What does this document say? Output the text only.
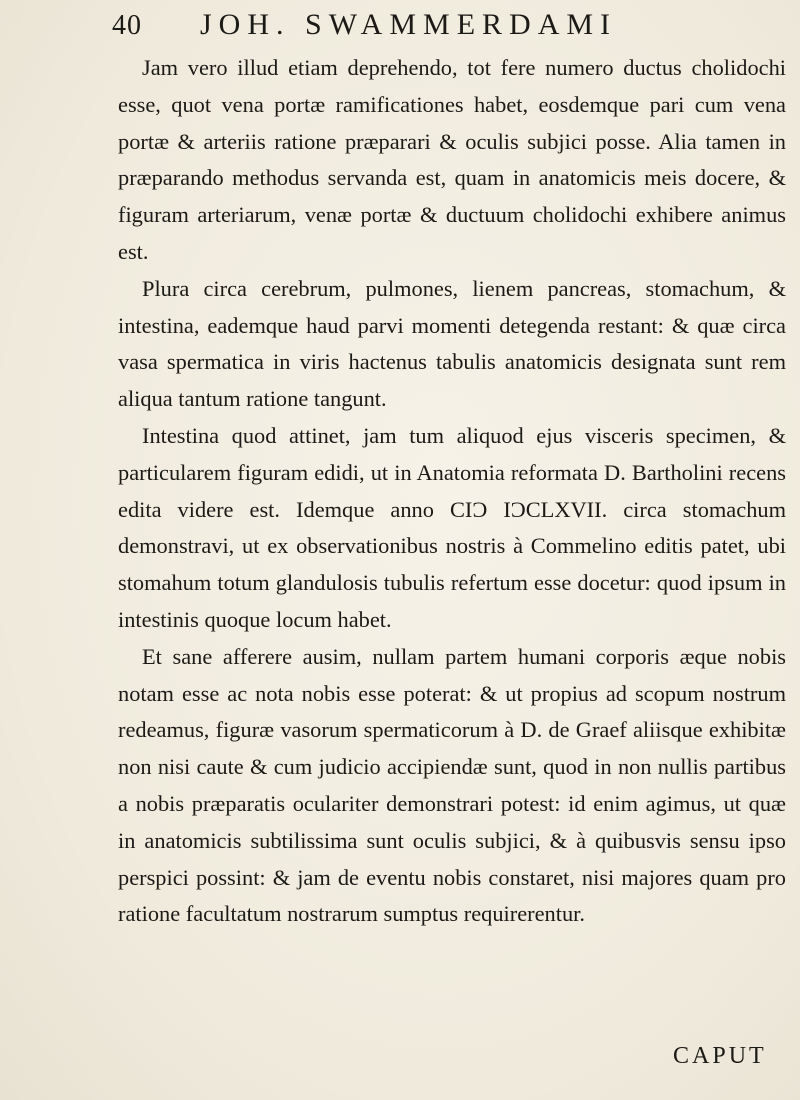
40	JOH. SWAMMERDAMI

Jam vero illud etiam deprehendo, tot fere numero ductus cholidochi esse, quot vena portæ ramificationes habet, eosdemque pari cum vena portæ & arteriis ratione præparari & oculis subjici posse. Alia tamen in præparando methodus servanda est, quam in anatomicis meis docere, & figuram arteriarum, venæ portæ & ductuum cholidochi exhibere animus est.

Plura circa cerebrum, pulmones, lienem pancreas, stomachum, & intestina, eademque haud parvi momenti detegenda restant: & quæ circa vasa spermatica in viris hactenus tabulis anatomicis designata sunt rem aliqua tantum ratione tangunt.

Intestina quod attinet, jam tum aliquod ejus visceris specimen, & particularem figuram edidi, ut in Anatomia reformata D. Bartholini recens edita videre est. Idemque anno CIƆ IƆCLXVII. circa stomachum demonstravi, ut ex observationibus nostris à Commelino editis patet, ubi stomahum totum glandulosis tubulis refertum esse docetur: quod ipsum in intestinis quoque locum habet.

Et sane afferere ausim, nullam partem humani corporis æque nobis notam esse ac nota nobis esse poterat: & ut propius ad scopum nostrum redeamus, figuræ vasorum spermaticorum à D. de Graef aliisque exhibitæ non nisi caute & cum judicio accipiendæ sunt, quod in non nullis partibus a nobis præparatis oculariter demonstrari potest: id enim agimus, ut quæ in anatomicis subtilissima sunt oculis subjici, & à quibusvis sensu ipso perspici possint: & jam de eventu nobis constaret, nisi majores quam pro ratione facultatum nostrarum sumptus requirerentur.

CAPUT
